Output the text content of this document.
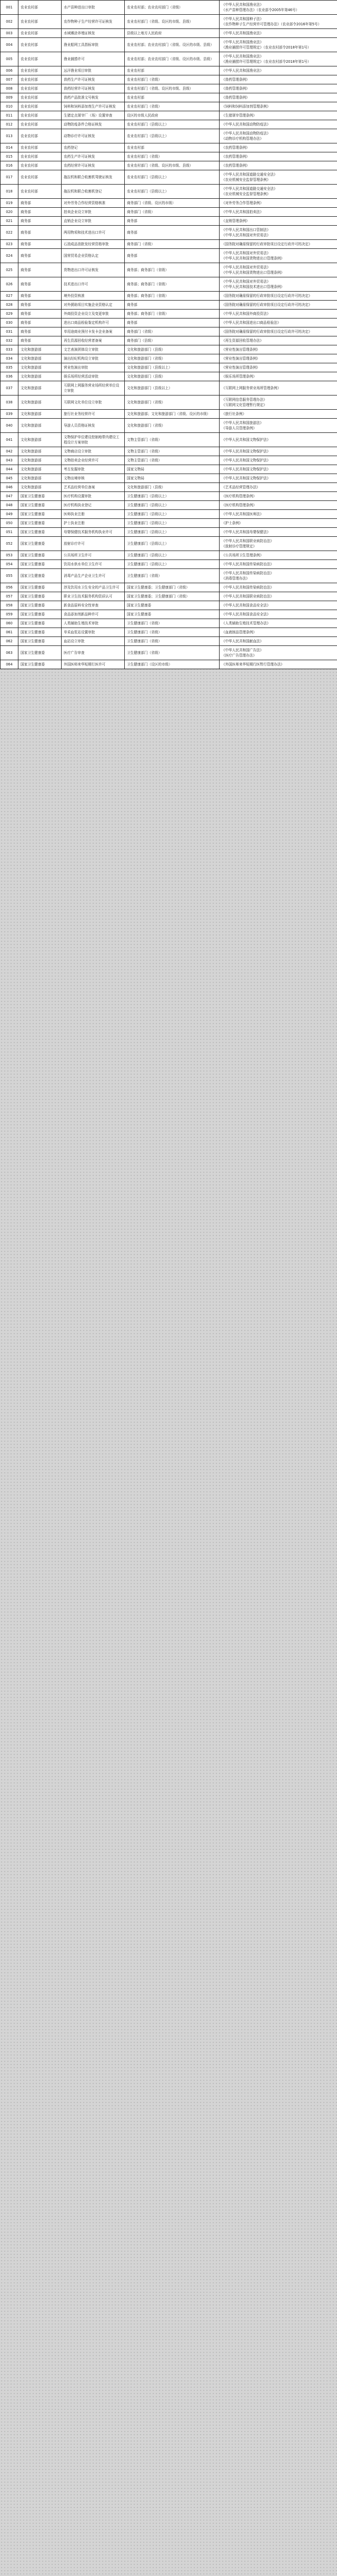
001	农业农村部	水产苗种进出口审批	农业农村部；农业农村部门（省级）	《中华人民共和国渔业法》
《水产苗种管理办法》（农业部令2005年第46号）
002	农业农村部	农作物种子生产经营许可证核发	农业农村部门（省级、设区的市级、县级）	《中华人民共和国种子法》
《农作物种子生产经营许可管理办法》（农业部令2016年第5号）
003	农业农村部	水域滩涂养殖证核发	县级以上地方人民政府	《中华人民共和国渔业法》
004	农业农村部	渔业船网工具指标审批	农业农村部；农业农村部门（省级、设区的市级、县级）	《中华人民共和国渔业法》
《渔业捕捞许可管理规定》（农业农村部令2018年第1号）
005	农业农村部	渔业捕捞许可	农业农村部；农业农村部门（省级、设区的市级、县级）	《中华人民共和国渔业法》
《渔业捕捞许可管理规定》（农业农村部令2018年第1号）
006	农业农村部	远洋渔业项目审批	农业农村部	《中华人民共和国渔业法》
007	农业农村部	兽药生产许可证核发	农业农村部门（省级）	《兽药管理条例》
008	农业农村部	兽药经营许可证核发	农业农村部门（省级、设区的市级、县级）	《兽药管理条例》
009	农业农村部	兽药产品批准文号核发	农业农村部	《兽药管理条例》
010	农业农村部	饲料和饲料添加剂生产许可证核发	农业农村部门（省级）	《饲料和饲料添加剂管理条例》
011	农业农村部	生猪定点屠宰厂（场）设置审查	设区的市级人民政府	《生猪屠宰管理条例》
012	农业农村部	动物防疫条件合格证核发	农业农村部门（县级以上）	《中华人民共和国动物防疫法》
013	农业农村部	动物诊疗许可证核发	农业农村部门（县级以上）	《中华人民共和国动物防疫法》
《动物诊疗机构管理办法》
014	农业农村部	农药登记	农业农村部	《农药管理条例》
015	农业农村部	农药生产许可证核发	农业农村部门（省级）	《农药管理条例》
016	农业农村部	农药经营许可证核发	农业农村部门（省级、设区的市级、县级）	《农药管理条例》
017	农业农村部	拖拉机和联合收割机驾驶证核发	农业农村部门（县级以上）	《中华人民共和国道路交通安全法》
《农业机械安全监督管理条例》
018	农业农村部	拖拉机和联合收割机登记	农业农村部门（县级以上）	《中华人民共和国道路交通安全法》
《农业机械安全监督管理条例》
019	商务部	对外劳务合作经营资格核准	商务部门（省级、设区的市级）	《对外劳务合作管理条例》
020	商务部	拍卖企业设立审批	商务部门（省级）	《中华人民共和国拍卖法》
021	商务部	直销企业设立审批	商务部	《直销管理条例》
022	商务部	两用物项和技术进出口许可	商务部	《中华人民共和国出口管制法》
《中华人民共和国对外贸易法》
023	商务部	石油成品油批发经营资格审批	商务部门（省级）	《国务院对确需保留的行政审批项目设定行政许可的决定》
024	商务部	国营贸易企业资格认定	商务部	《中华人民共和国对外贸易法》
《中华人民共和国货物进出口管理条例》
025	商务部	货物进出口许可证核发	商务部；商务部门（省级）	《中华人民共和国对外贸易法》
《中华人民共和国货物进出口管理条例》
026	商务部	技术进出口许可	商务部；商务部门（省级）	《中华人民共和国对外贸易法》
《中华人民共和国技术进出口管理条例》
027	商务部	境外投资核准	商务部；商务部门（省级）	《国务院对确需保留的行政审批项目设定行政许可的决定》
028	商务部	对外援助项目实施企业资格认定	商务部	《国务院对确需保留的行政审批项目设定行政许可的决定》
029	商务部	外商投资企业设立及变更审批	商务部；商务部门（省级）	《中华人民共和国外商投资法》
030	商务部	进出口商品检验鉴定机构许可	商务部	《中华人民共和国进出口商品检验法》
031	商务部	单用途商业预付卡发卡企业备案	商务部门（省级）	《国务院对确需保留的行政审批项目设定行政许可的决定》
032	商务部	再生资源回收经营者备案	商务部门（县级）	《再生资源回收管理办法》
033	文化和旅游部	文艺表演团体设立审批	文化和旅游部门（县级）	《营业性演出管理条例》
034	文化和旅游部	演出经纪机构设立审批	文化和旅游部门（省级）	《营业性演出管理条例》
035	文化和旅游部	营业性演出审批	文化和旅游部门（县级以上）	《营业性演出管理条例》
036	文化和旅游部	娱乐场所经营活动审批	文化和旅游部门（县级）	《娱乐场所管理条例》
037	文化和旅游部	互联网上网服务营业场所经营单位设立审批	文化和旅游部门（县级以上）	《互联网上网服务营业场所管理条例》
038	文化和旅游部	互联网文化单位设立审批	文化和旅游部门（省级）	《互联网信息服务管理办法》
《互联网文化管理暂行规定》
039	文化和旅游部	旅行社业务经营许可	文化和旅游部；文化和旅游部门（省级、设区的市级）	《旅行社条例》
040	文化和旅游部	导游人员资格证核发	文化和旅游部门（省级）	《中华人民共和国旅游法》
《导游人员管理条例》
041	文化和旅游部	文物保护单位建设控制地带内建设工程设计方案审批	文物主管部门（省级）	《中华人民共和国文物保护法》
042	文化和旅游部	文物商店设立审批	文物主管部门（省级）	《中华人民共和国文物保护法》
043	文化和旅游部	文物拍卖企业经营许可	文物主管部门（省级）	《中华人民共和国文物保护法》
044	文化和旅游部	考古发掘审批	国家文物局	《中华人民共和国文物保护法》
045	文化和旅游部	文物出境审核	国家文物局	《中华人民共和国文物保护法》
046	文化和旅游部	艺术品经营单位备案	文化和旅游部门（县级）	《艺术品经营管理办法》
047	国家卫生健康委	医疗机构设置审批	卫生健康部门（县级以上）	《医疗机构管理条例》
048	国家卫生健康委	医疗机构执业登记	卫生健康部门（县级以上）	《医疗机构管理条例》
049	国家卫生健康委	医师执业注册	卫生健康部门（县级以上）	《中华人民共和国医师法》
050	国家卫生健康委	护士执业注册	卫生健康部门（县级以上）	《护士条例》
051	国家卫生健康委	母婴保健技术服务机构执业许可	卫生健康部门（县级以上）	《中华人民共和国母婴保健法》
052	国家卫生健康委	放射诊疗许可	卫生健康部门（县级以上）	《中华人民共和国职业病防治法》
《放射诊疗管理规定》
053	国家卫生健康委	公共场所卫生许可	卫生健康部门（县级以上）	《公共场所卫生管理条例》
054	国家卫生健康委	饮用水供水单位卫生许可	卫生健康部门（县级以上）	《中华人民共和国传染病防治法》
055	国家卫生健康委	消毒产品生产企业卫生许可	卫生健康部门（省级）	《中华人民共和国传染病防治法》
《消毒管理办法》
056	国家卫生健康委	涉及饮用水卫生安全的产品卫生许可	国家卫生健康委；卫生健康部门（省级）	《中华人民共和国传染病防治法》
057	国家卫生健康委	职业卫生技术服务机构资质认可	国家卫生健康委；卫生健康部门（省级）	《中华人民共和国职业病防治法》
058	国家卫生健康委	新食品原料安全性审查	国家卫生健康委	《中华人民共和国食品安全法》
059	国家卫生健康委	食品添加剂新品种许可	国家卫生健康委	《中华人民共和国食品安全法》
060	国家卫生健康委	人类辅助生殖技术审批	卫生健康部门（省级）	《人类辅助生殖技术管理办法》
061	国家卫生健康委	单采血浆站设置审批	卫生健康部门（省级）	《血液制品管理条例》
062	国家卫生健康委	血站设立审批	卫生健康部门（省级）	《中华人民共和国献血法》
063	国家卫生健康委	医疗广告审查	卫生健康部门（省级）	《中华人民共和国广告法》
《医疗广告管理办法》
064	国家卫生健康委	外国医师来华短期行医许可	卫生健康部门（设区的市级）	《外国医师来华短期行医暂行管理办法》
